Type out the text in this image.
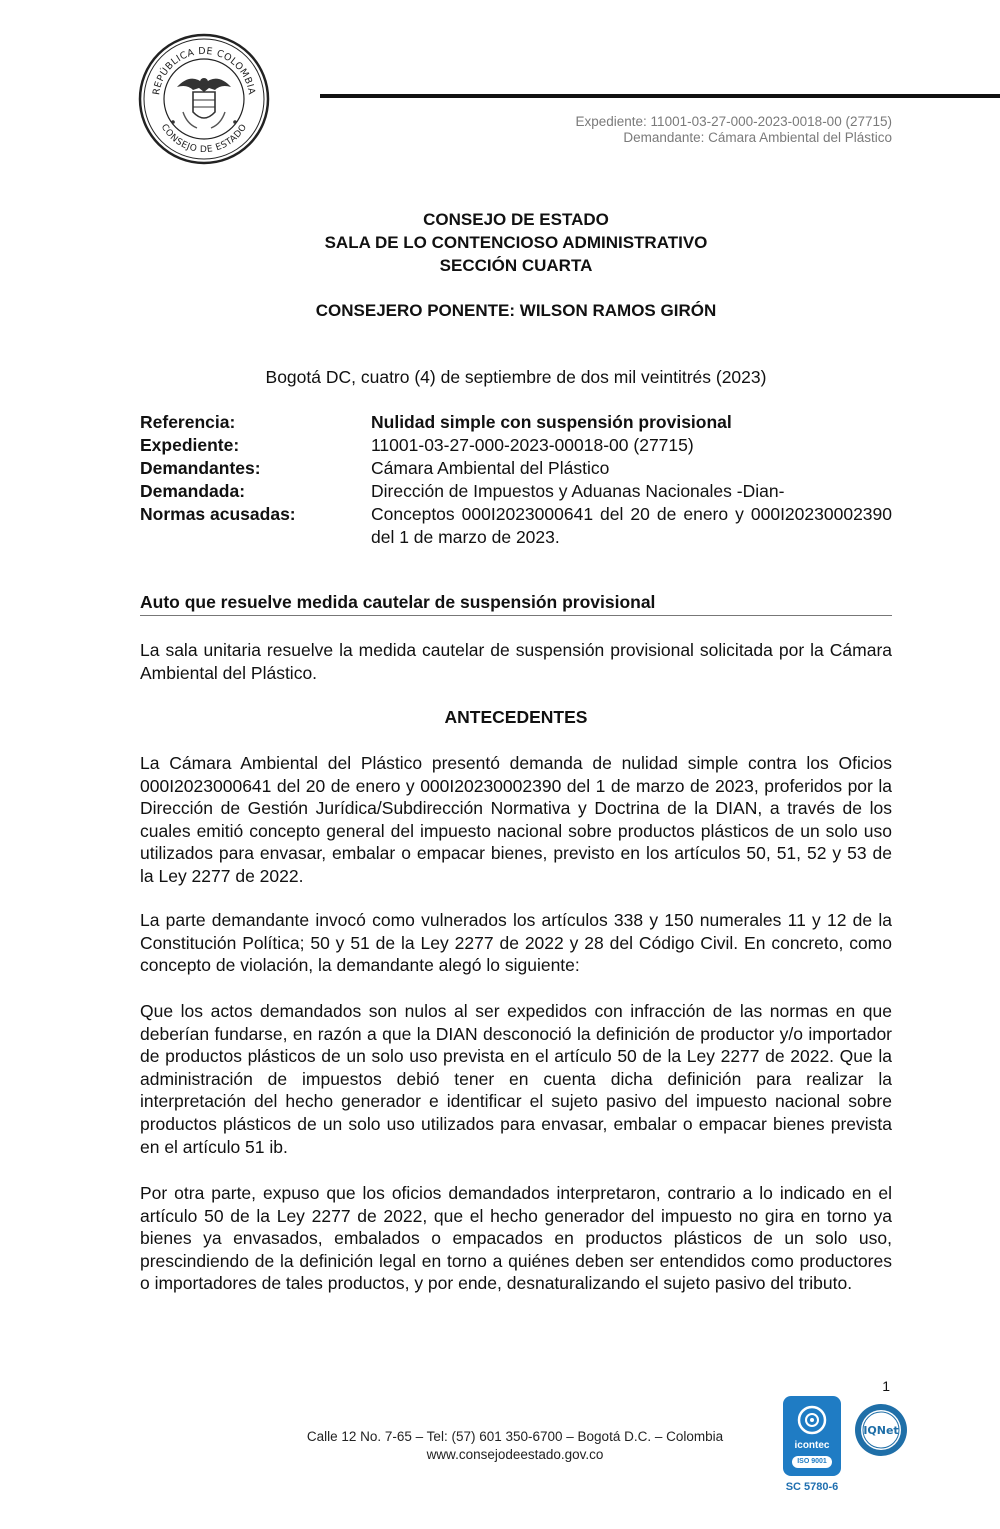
REPÚBLICA DE COLOMBIA
CONSEJO DE ESTADO	Expediente: 11001-03-27-000-2023-0018-00 (27715)
Demandante: Cámara Ambiental del Plástico
CONSEJO DE ESTADO
SALA DE LO CONTENCIOSO ADMINISTRATIVO
SECCIÓN CUARTA
CONSEJERO PONENTE: WILSON RAMOS GIRÓN
Bogotá DC, cuatro (4) de septiembre de dos mil veintitrés (2023)
Referencia:	Nulidad simple con suspensión provisional
Expediente:	11001-03-27-000-2023-00018-00 (27715)
Demandantes:	Cámara Ambiental del Plástico
Demandada:	Dirección de Impuestos y Aduanas Nacionales -Dian-
Normas acusadas:	Conceptos 000I2023000641 del 20 de enero y 000I20230002390 del 1 de marzo de 2023.
Auto que resuelve medida cautelar de suspensión provisional

La sala unitaria resuelve la medida cautelar de suspensión provisional solicitada por la Cámara Ambiental del Plástico.

ANTECEDENTES

La Cámara Ambiental del Plástico presentó demanda de nulidad simple contra los Oficios 000I2023000641 del 20 de enero y 000I20230002390 del 1 de marzo de 2023, proferidos por la Dirección de Gestión Jurídica/Subdirección Normativa y Doctrina de la DIAN, a través de los cuales emitió concepto general del impuesto nacional sobre productos plásticos de un solo uso utilizados para envasar, embalar o empacar bienes, previsto en los artículos 50, 51, 52 y 53 de la Ley 2277 de 2022.

La parte demandante invocó como vulnerados los artículos 338 y 150 numerales 11 y 12 de la Constitución Política; 50 y 51 de la Ley 2277 de 2022 y 28 del Código Civil. En concreto, como concepto de violación, la demandante alegó lo siguiente:

Que los actos demandados son nulos al ser expedidos con infracción de las normas en que deberían fundarse, en razón a que la DIAN desconoció la definición de productor y/o importador de productos plásticos de un solo uso prevista en el artículo 50 de la Ley 2277 de 2022. Que la administración de impuestos debió tener en cuenta dicha definición para realizar la interpretación del hecho generador e identificar el sujeto pasivo del impuesto nacional sobre productos plásticos de un solo uso utilizados para envasar, embalar o empacar bienes prevista en el artículo 51 ib.

Por otra parte, expuso que los oficios demandados interpretaron, contrario a lo indicado en el artículo 50 de la Ley 2277 de 2022, que el hecho generador del impuesto no gira en torno ya bienes ya envasados, embalados o empacados en productos plásticos de un solo uso, prescindiendo de la definición legal en torno a quiénes deben ser entendidos como productores o importadores de tales productos, y por ende, desnaturalizando el sujeto pasivo del tributo.

1
Calle 12 No. 7-65 – Tel: (57) 601 350-6700 – Bogotá D.C. – Colombia
www.consejodeestado.gov.co
icontec
ISO 9001
SC 5780-6
IQNet
